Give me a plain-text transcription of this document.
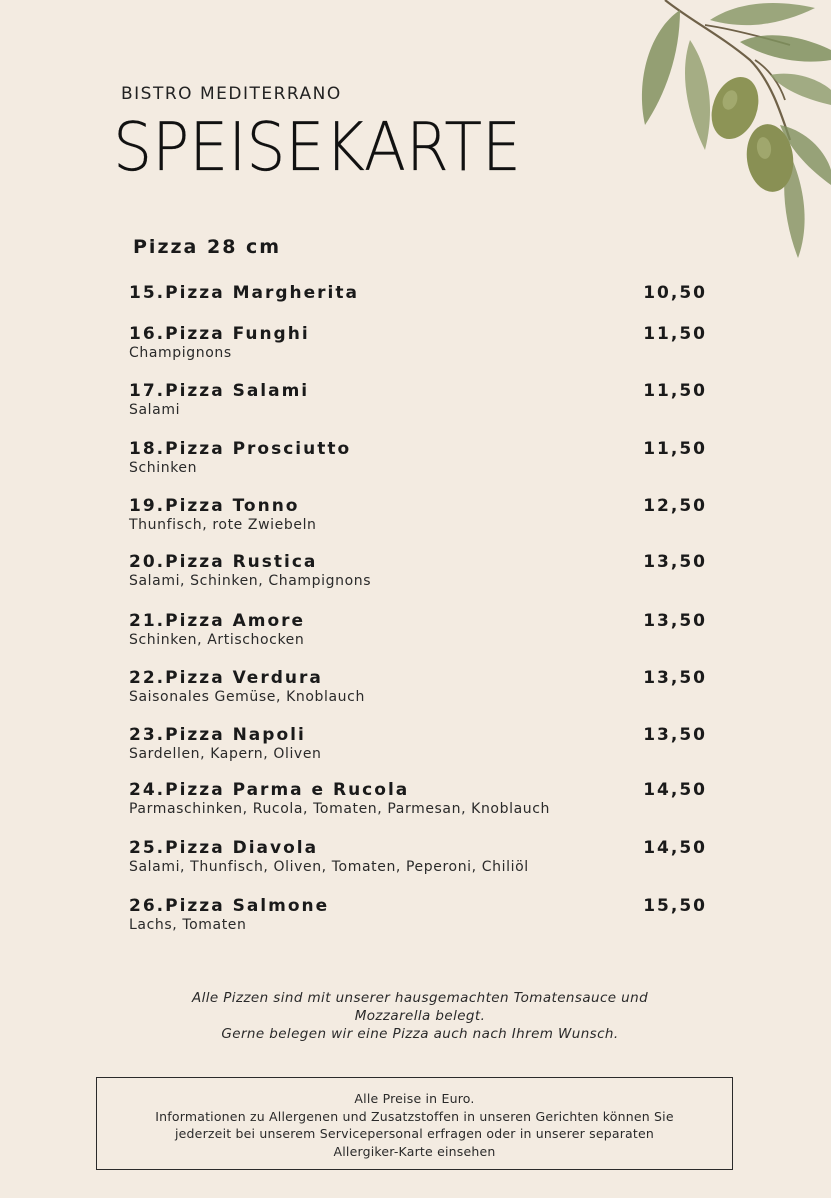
BISTRO MEDITERRANO
SPEISEKARTE
Pizza 28 cm
15.Pizza Margherita	10,50
16.Pizza Funghi
Champignons
11,50
17.Pizza Salami
Salami
11,50
18.Pizza Prosciutto
Schinken
11,50
19.Pizza Tonno
Thunfisch, rote Zwiebeln
12,50
20.Pizza Rustica
Salami, Schinken, Champignons
13,50
21.Pizza Amore
Schinken, Artischocken
13,50
22.Pizza Verdura
Saisonales Gemüse, Knoblauch
13,50
23.Pizza Napoli
Sardellen, Kapern, Oliven
13,50
24.Pizza Parma e Rucola
Parmaschinken, Rucola, Tomaten, Parmesan, Knoblauch
14,50
25.Pizza Diavola
Salami, Thunfisch, Oliven, Tomaten, Peperoni, Chiliöl
14,50
26.Pizza Salmone
Lachs, Tomaten
15,50
Alle Pizzen sind mit unserer hausgemachten Tomatensauce und
Mozzarella belegt.
Gerne belegen wir eine Pizza auch nach Ihrem Wunsch.
Alle Preise in Euro.
Informationen zu Allergenen und Zusatzstoffen in unseren Gerichten können Sie
jederzeit bei unserem Servicepersonal erfragen oder in unserer separaten
Allergiker-Karte einsehen
